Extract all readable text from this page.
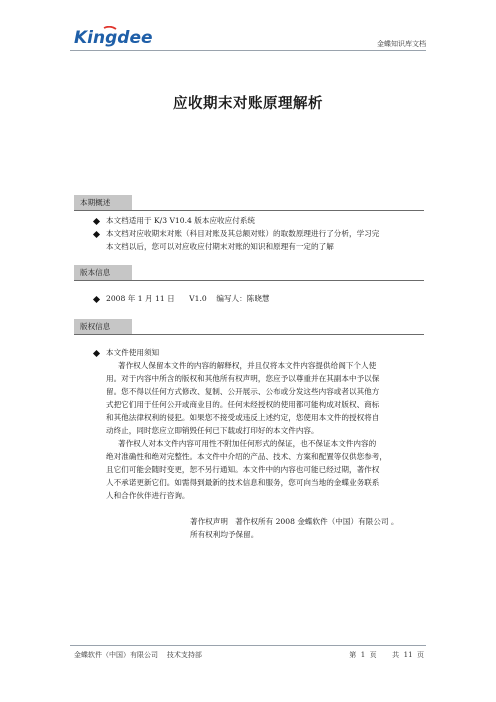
Kingdee	金蝶知识库文档
应收期末对账原理解析
本期概述
本文档适用于 K/3 V10.4 版本应收应付系统
本文档对应收期末对账（科目对账及其总额对账）的取数原理进行了分析，学习完
本文档以后，您可以对应收应付期末对账的知识和原理有一定的了解
版本信息
2008 年 1 月 11 日      V1.0    编写人：陈晓慧
版权信息
本文件使用须知
著作权人保留本文件的内容的解释权，并且仅将本文件内容提供给阁下个人使
用。对于内容中所含的版权和其他所有权声明，您应予以尊重并在其副本中予以保
留。您不得以任何方式修改、复制、公开展示、公布或分发这些内容或者以其他方
式把它们用于任何公开或商业目的。任何未经授权的使用都可能构成对版权、商标
和其他法律权利的侵犯。如果您不接受或违反上述约定，您使用本文件的授权将自
动终止，同时您应立即销毁任何已下载或打印好的本文件内容。
著作权人对本文件内容可用性不附加任何形式的保证，也不保证本文件内容的
绝对准确性和绝对完整性。本文件中介绍的产品、技术、方案和配置等仅供您参考，
且它们可能会随时变更，恕不另行通知。本文件中的内容也可能已经过期，著作权
人不承诺更新它们。如需得到最新的技术信息和服务，您可向当地的金蝶业务联系
人和合作伙伴进行咨询。
著作权声明   著作权所有 2008 金蝶软件（中国）有限公司 。
所有权利均予保留。
金蝶软件（中国）有限公司    技术支持部	第  1  页       共  11  页
